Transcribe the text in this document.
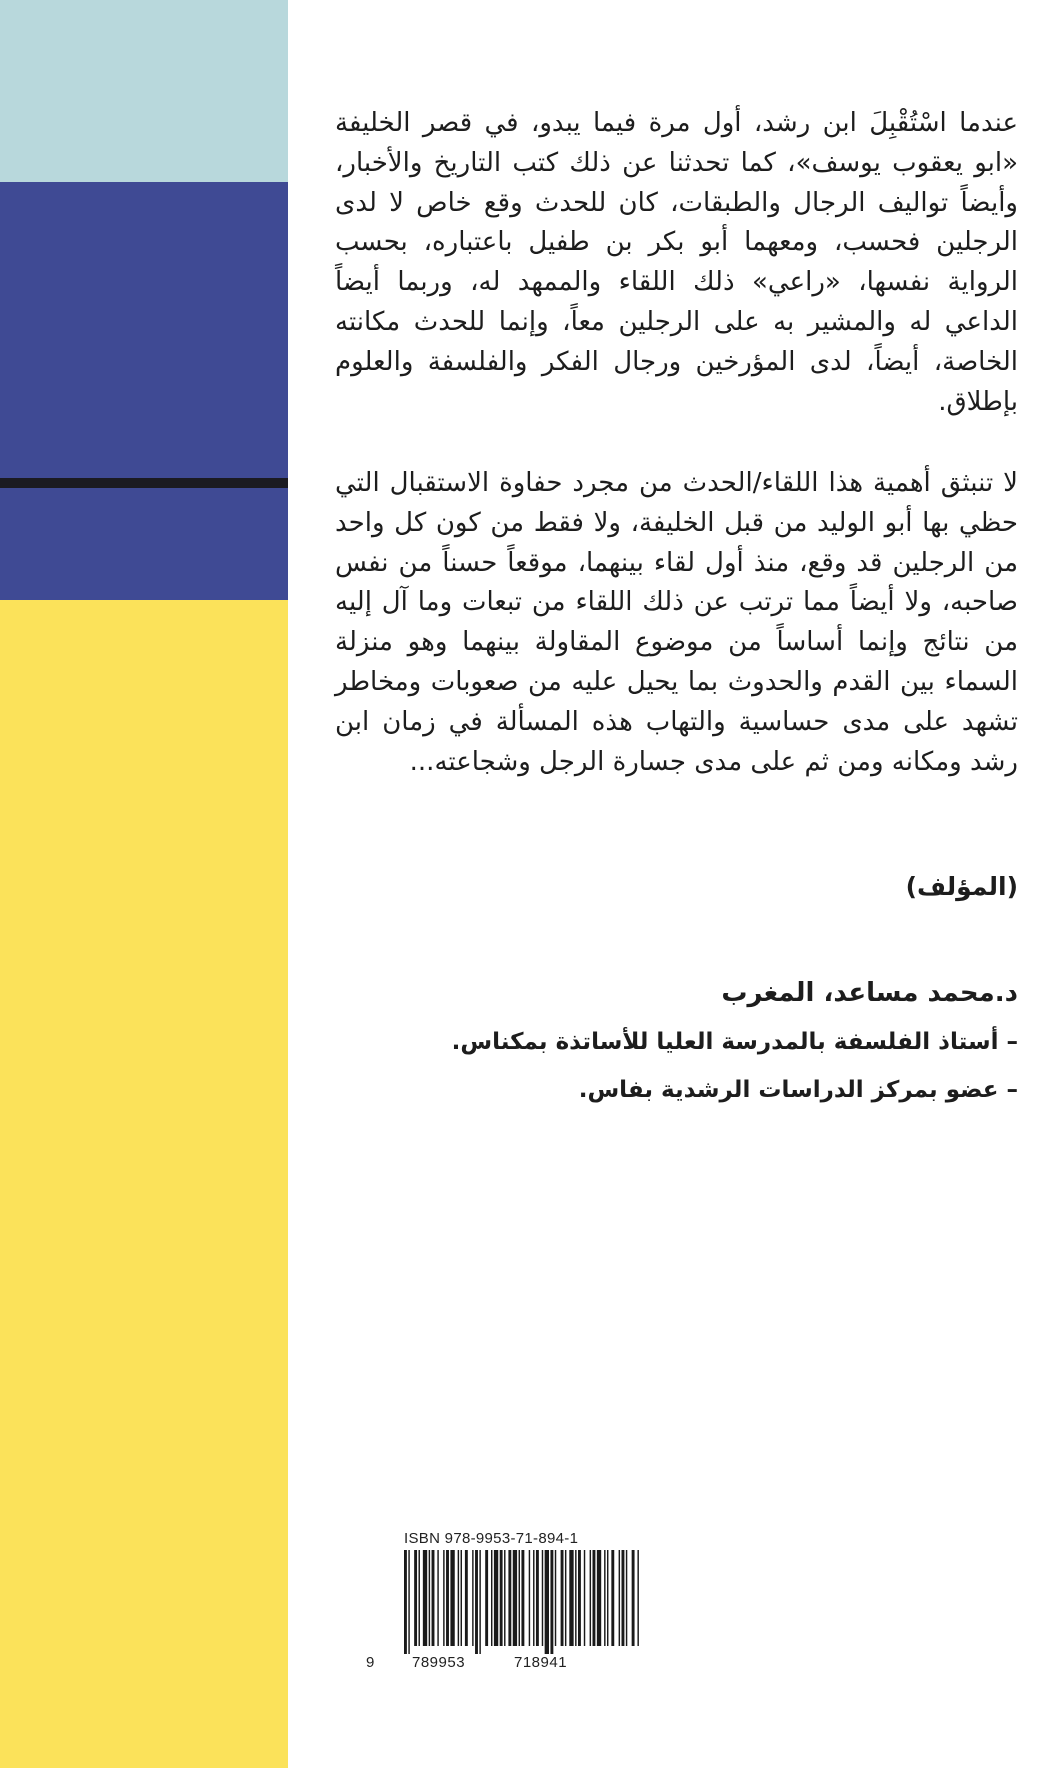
عندما اسْتُقْبِلَ ابن رشد، أول مرة فيما يبدو، في قصر الخليفة «ابو يعقوب يوسف»، كما تحدثنا عن ذلك كتب التاريخ والأخبار، وأيضاً تواليف الرجال والطبقات، كان للحدث وقع خاص لا لدى الرجلين فحسب، ومعهما أبو بكر بن طفيل باعتباره، بحسب الرواية نفسها، «راعي» ذلك اللقاء والممهد له، وربما أيضاً الداعي له والمشير به على الرجلين معاً، وإنما للحدث مكانته الخاصة، أيضاً، لدى المؤرخين ورجال الفكر والفلسفة والعلوم بإطلاق.
لا تنبثق أهمية هذا اللقاء/الحدث من مجرد حفاوة الاستقبال التي حظي بها أبو الوليد من قبل الخليفة، ولا فقط من كون كل واحد من الرجلين قد وقع، منذ أول لقاء بينهما، موقعاً حسناً من نفس صاحبه، ولا أيضاً مما ترتب عن ذلك اللقاء من تبعات وما آل إليه من نتائج وإنما أساساً من موضوع المقاولة بينهما وهو منزلة السماء بين القدم والحدوث بما يحيل عليه من صعوبات ومخاطر تشهد على مدى حساسية والتهاب هذه المسألة في زمان ابن رشد ومكانه ومن ثم على مدى جسارة الرجل وشجاعته...
(المؤلف)
د.محمد مساعد، المغرب
– أستاذ الفلسفة بالمدرسة العليا للأساتذة بمكناس.
– عضو بمركز الدراسات الرشدية بفاس.
ISBN 978-9953-71-894-1
9	789953	718941
